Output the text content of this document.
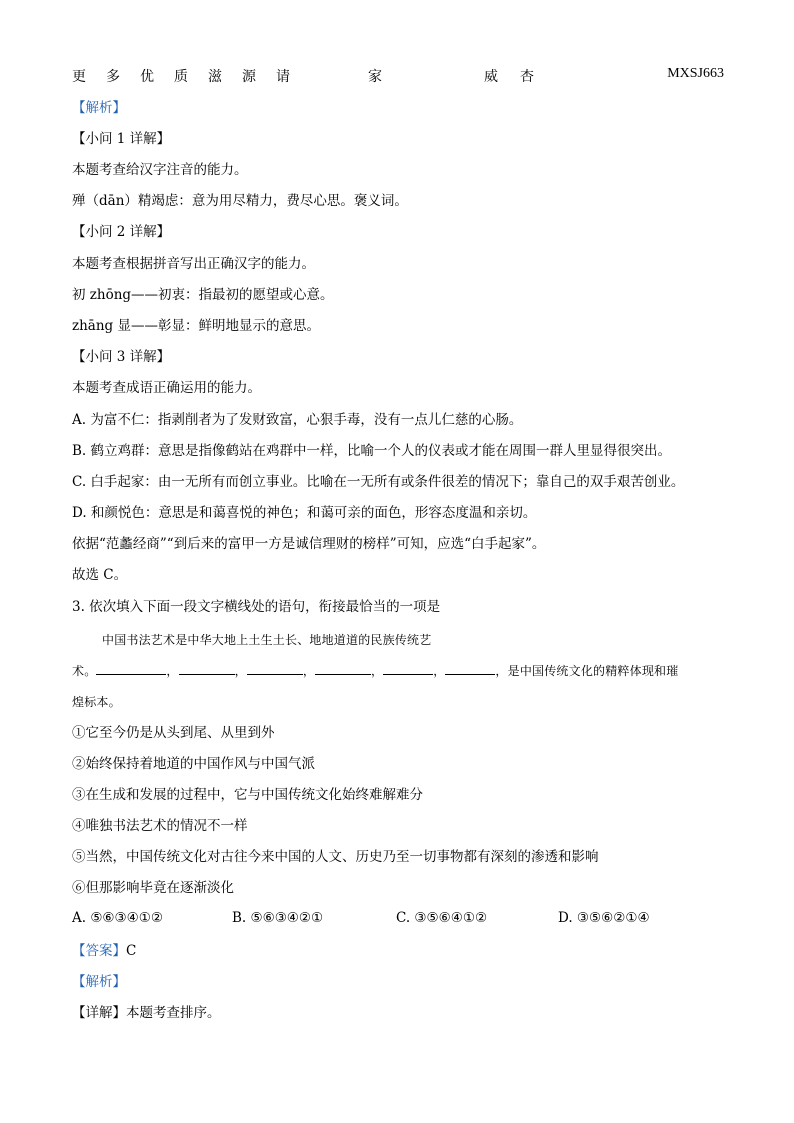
更 多 优 质 滋 源 请	家	威 杏	MXSJ663
【解析】
【小问 1 详解】
本题考查给汉字注音的能力。
殚（dān）精竭虑：意为用尽精力，费尽心思。褒义词。
【小问 2 详解】
本题考查根据拼音写出正确汉字的能力。
初 zhōng——初衷：指最初的愿望或心意。
zhāng 显——彰显：鲜明地显示的意思。
【小问 3 详解】
本题考查成语正确运用的能力。
A. 为富不仁：指剥削者为了发财致富，心狠手毒，没有一点儿仁慈的心肠。
B. 鹤立鸡群：意思是指像鹤站在鸡群中一样，比喻一个人的仪表或才能在周围一群人里显得很突出。
C. 白手起家：由一无所有而创立事业。比喻在一无所有或条件很差的情况下；靠自己的双手艰苦创业。
D. 和颜悦色：意思是和蔼喜悦的神色；和蔼可亲的面色，形容态度温和亲切。
依据“范蠡经商”“到后来的富甲一方是诚信理财的榜样”可知，应选“白手起家”。
故选 C。
3. 依次填入下面一段文字横线处的语句，衔接最恰当的一项是
中国书法艺术是中华大地上土生土长、地地道道的民族传统艺
术。	，	，	，	，	，	，是中国传统文化的精粹体现和璀
煌标本。
①它至今仍是从头到尾、从里到外
②始终保持着地道的中国作风与中国气派
③在生成和发展的过程中，它与中国传统文化始终难解难分
④唯独书法艺术的情况不一样
⑤当然，中国传统文化对古往今来中国的人文、历史乃至一切事物都有深刻的渗透和影响
⑥但那影响毕竟在逐渐淡化
A. ⑤⑥③④①②	B. ⑤⑥③④②①	C. ③⑤⑥④①②	D. ③⑤⑥②①④
【答案】C
【解析】
【详解】本题考查排序。
